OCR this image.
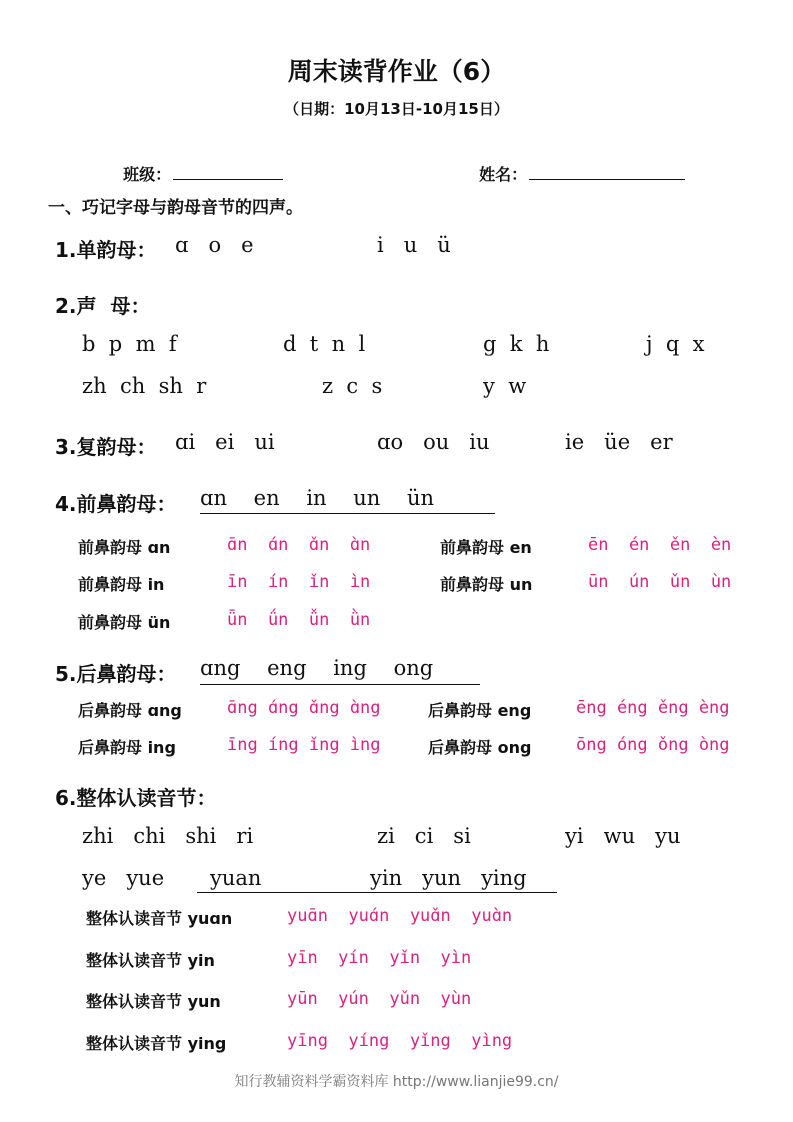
周末读背作业（6）
（日期：10月13日-10月15日）

班级：	姓名：

一、巧记字母与韵母音节的四声。
1.单韵母： ɑ   o   e	i   u   ü
2.声  母：
b  p  m  f	d  t  n  l	g  k  h	j  q  x
zh  ch  sh  r	z  c  s	y  w
3.复韵母： ɑi   ei   ui	ɑo   ou   iu	ie   üe   er
4.前鼻韵母： ɑn    en    in    un    ün
前鼻韵母 ɑn	ɑ̄n  ɑ́n  ɑ̌n  ɑ̀n	前鼻韵母 en	ēn  én  ěn  èn
前鼻韵母 in	īn  ín  ǐn  ìn	前鼻韵母 un	ūn  ún  ǔn  ùn
前鼻韵母 ün	ǖn  ǘn  ǚn  ǜn
5.后鼻韵母： ɑng    eng    ing    ong
后鼻韵母 ɑng	ɑ̄ng ɑ́ng ɑ̌ng ɑ̀ng	后鼻韵母 eng	ēng éng ěng èng
后鼻韵母 ing	īng íng ǐng ìng	后鼻韵母 ong	ōng óng ǒng òng
6.整体认读音节：
zhi   chi   shi   ri	zi   ci   si	yi   wu   yu
ye   yue yuan	yin   yun   ying
整体认读音节 yuɑn	yuɑ̄n  yuɑ́n  yuɑ̌n  yuɑ̀n
整体认读音节 yin	yīn  yín  yǐn  yìn
整体认读音节 yun	yūn  yún  yǔn  yùn
整体认读音节 ying	yīng  yíng  yǐng  yìng
知行教辅资料学霸资料库 http://www.lianjie99.cn/
